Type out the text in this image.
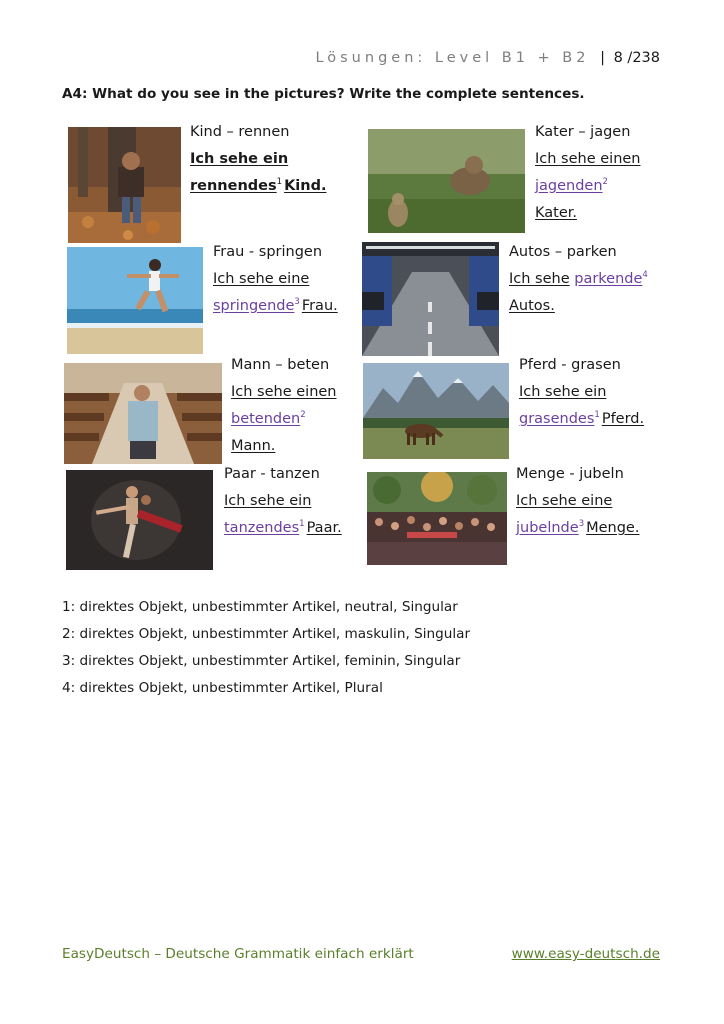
Lösungen: Level B1 + B2 | 8 /238
A4: What do you see in the pictures? Write the complete sentences.
Kind – rennen
Ich sehe ein
rennendes$^1$ Kind.
Kater – jagen
Ich sehe einen
jagenden$^2$
Kater.
Frau - springen
Ich sehe eine
springende$^3$ Frau.
Autos – parken
Ich sehe parkende$^4$
Autos.
Mann – beten
Ich sehe einen
betenden$^2$
Mann.
Pferd - grasen
Ich sehe ein
grasendes$^1$ Pferd.
Paar - tanzen
Ich sehe ein
tanzendes$^1$ Paar.
Menge - jubeln
Ich sehe eine
jubelnde$^3$ Menge.
1: direktes Objekt, unbestimmter Artikel, neutral, Singular
2: direktes Objekt, unbestimmter Artikel, maskulin, Singular
3: direktes Objekt, unbestimmter Artikel, feminin, Singular
4: direktes Objekt, unbestimmter Artikel, Plural
EasyDeutsch – Deutsche Grammatik einfach erklärt	www.easy-deutsch.de
